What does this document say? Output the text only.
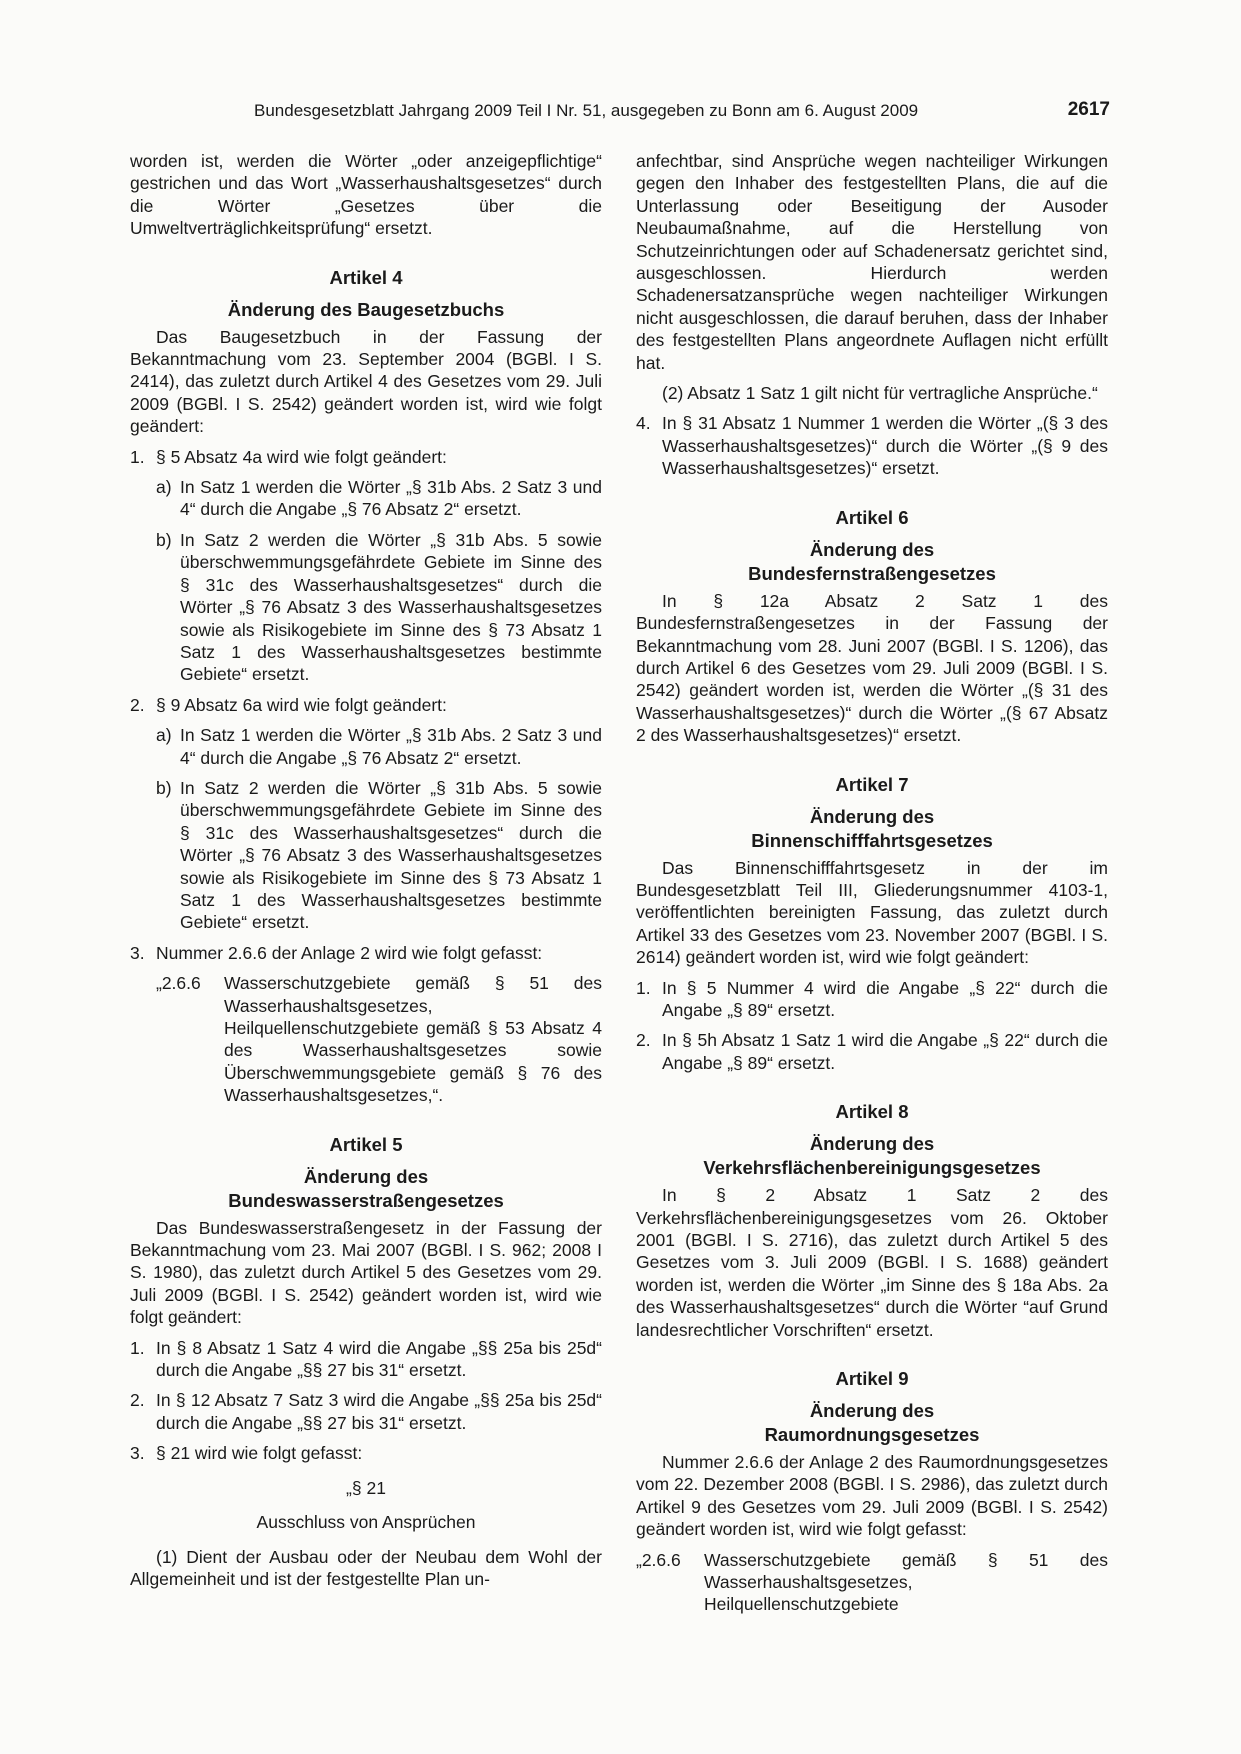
Bundesgesetzblatt Jahrgang 2009 Teil I Nr. 51, ausgegeben zu Bonn am 6. August 2009	2617

worden ist, werden die Wörter „oder anzeigepflichtige“ gestrichen und das Wort „Wasserhaushaltsgesetzes“ durch die Wörter „Gesetzes über die Umweltverträglichkeitsprüfung“ ersetzt.

Artikel 4
Änderung des Baugesetzbuchs

Das Baugesetzbuch in der Fassung der Bekanntmachung vom 23. September 2004 (BGBl. I S. 2414), das zuletzt durch Artikel 4 des Gesetzes vom 29. Juli 2009 (BGBl. I S. 2542) geändert worden ist, wird wie folgt geändert:

1. § 5 Absatz 4a wird wie folgt geändert:
a) In Satz 1 werden die Wörter „§ 31b Abs. 2 Satz 3 und 4“ durch die Angabe „§ 76 Absatz 2“ ersetzt.
b) In Satz 2 werden die Wörter „§ 31b Abs. 5 sowie überschwemmungsgefährdete Gebiete im Sinne des § 31c des Wasserhaushaltsgesetzes“ durch die Wörter „§ 76 Absatz 3 des Wasserhaushaltsgesetzes sowie als Risikogebiete im Sinne des § 73 Absatz 1 Satz 1 des Wasserhaushaltsgesetzes bestimmte Gebiete“ ersetzt.
2. § 9 Absatz 6a wird wie folgt geändert:
a) In Satz 1 werden die Wörter „§ 31b Abs. 2 Satz 3 und 4“ durch die Angabe „§ 76 Absatz 2“ ersetzt.
b) In Satz 2 werden die Wörter „§ 31b Abs. 5 sowie überschwemmungsgefährdete Gebiete im Sinne des § 31c des Wasserhaushaltsgesetzes“ durch die Wörter „§ 76 Absatz 3 des Wasserhaushaltsgesetzes sowie als Risikogebiete im Sinne des § 73 Absatz 1 Satz 1 des Wasserhaushaltsgesetzes bestimmte Gebiete“ ersetzt.
3. Nummer 2.6.6 der Anlage 2 wird wie folgt gefasst:
„2.6.6 Wasserschutzgebiete gemäß § 51 des Wasserhaushaltsgesetzes, Heilquellenschutzgebiete gemäß § 53 Absatz 4 des Wasserhaushaltsgesetzes sowie Überschwemmungsgebiete gemäß § 76 des Wasserhaushaltsgesetzes,“.
Artikel 5
Änderung des
Bundeswasserstraßengesetzes

Das Bundeswasserstraßengesetz in der Fassung der Bekanntmachung vom 23. Mai 2007 (BGBl. I S. 962; 2008 I S. 1980), das zuletzt durch Artikel 5 des Gesetzes vom 29. Juli 2009 (BGBl. I S. 2542) geändert worden ist, wird wie folgt geändert:

1. In § 8 Absatz 1 Satz 4 wird die Angabe „§§ 25a bis 25d“ durch die Angabe „§§ 27 bis 31“ ersetzt.
2. In § 12 Absatz 7 Satz 3 wird die Angabe „§§ 25a bis 25d“ durch die Angabe „§§ 27 bis 31“ ersetzt.
3. § 21 wird wie folgt gefasst:

„§ 21

Ausschluss von Ansprüchen

(1) Dient der Ausbau oder der Neubau dem Wohl der Allgemeinheit und ist der festgestellte Plan un-

anfechtbar, sind Ansprüche wegen nachteiliger Wirkungen gegen den Inhaber des festgestellten Plans, die auf die Unterlassung oder Beseitigung der Ausoder Neubaumaßnahme, auf die Herstellung von Schutzeinrichtungen oder auf Schadenersatz gerichtet sind, ausgeschlossen. Hierdurch werden Schadenersatzansprüche wegen nachteiliger Wirkungen nicht ausgeschlossen, die darauf beruhen, dass der Inhaber des festgestellten Plans angeordnete Auflagen nicht erfüllt hat.

(2) Absatz 1 Satz 1 gilt nicht für vertragliche Ansprüche.“

4. In § 31 Absatz 1 Nummer 1 werden die Wörter „(§ 3 des Wasserhaushaltsgesetzes)“ durch die Wörter „(§ 9 des Wasserhaushaltsgesetzes)“ ersetzt.
Artikel 6
Änderung des
Bundesfernstraßengesetzes

In § 12a Absatz 2 Satz 1 des Bundesfernstraßengesetzes in der Fassung der Bekanntmachung vom 28. Juni 2007 (BGBl. I S. 1206), das durch Artikel 6 des Gesetzes vom 29. Juli 2009 (BGBl. I S. 2542) geändert worden ist, werden die Wörter „(§ 31 des Wasserhaushaltsgesetzes)“ durch die Wörter „(§ 67 Absatz 2 des Wasserhaushaltsgesetzes)“ ersetzt.

Artikel 7
Änderung des
Binnenschifffahrtsgesetzes

Das Binnenschifffahrtsgesetz in der im Bundesgesetzblatt Teil III, Gliederungsnummer 4103-1, veröffentlichten bereinigten Fassung, das zuletzt durch Artikel 33 des Gesetzes vom 23. November 2007 (BGBl. I S. 2614) geändert worden ist, wird wie folgt geändert:

1. In § 5 Nummer 4 wird die Angabe „§ 22“ durch die Angabe „§ 89“ ersetzt.
2. In § 5h Absatz 1 Satz 1 wird die Angabe „§ 22“ durch die Angabe „§ 89“ ersetzt.
Artikel 8
Änderung des
Verkehrsflächenbereinigungsgesetzes

In § 2 Absatz 1 Satz 2 des Verkehrsflächenbereinigungsgesetzes vom 26. Oktober 2001 (BGBl. I S. 2716), das zuletzt durch Artikel 5 des Gesetzes vom 3. Juli 2009 (BGBl. I S. 1688) geändert worden ist, werden die Wörter „im Sinne des § 18a Abs. 2a des Wasserhaushaltsgesetzes“ durch die Wörter “auf Grund landesrechtlicher Vorschriften“ ersetzt.

Artikel 9
Änderung des
Raumordnungsgesetzes

Nummer 2.6.6 der Anlage 2 des Raumordnungsgesetzes vom 22. Dezember 2008 (BGBl. I S. 2986), das zuletzt durch Artikel 9 des Gesetzes vom 29. Juli 2009 (BGBl. I S. 2542) geändert worden ist, wird wie folgt gefasst:

„2.6.6 Wasserschutzgebiete gemäß § 51 des Wasserhaushaltsgesetzes, Heilquellenschutzgebiete
